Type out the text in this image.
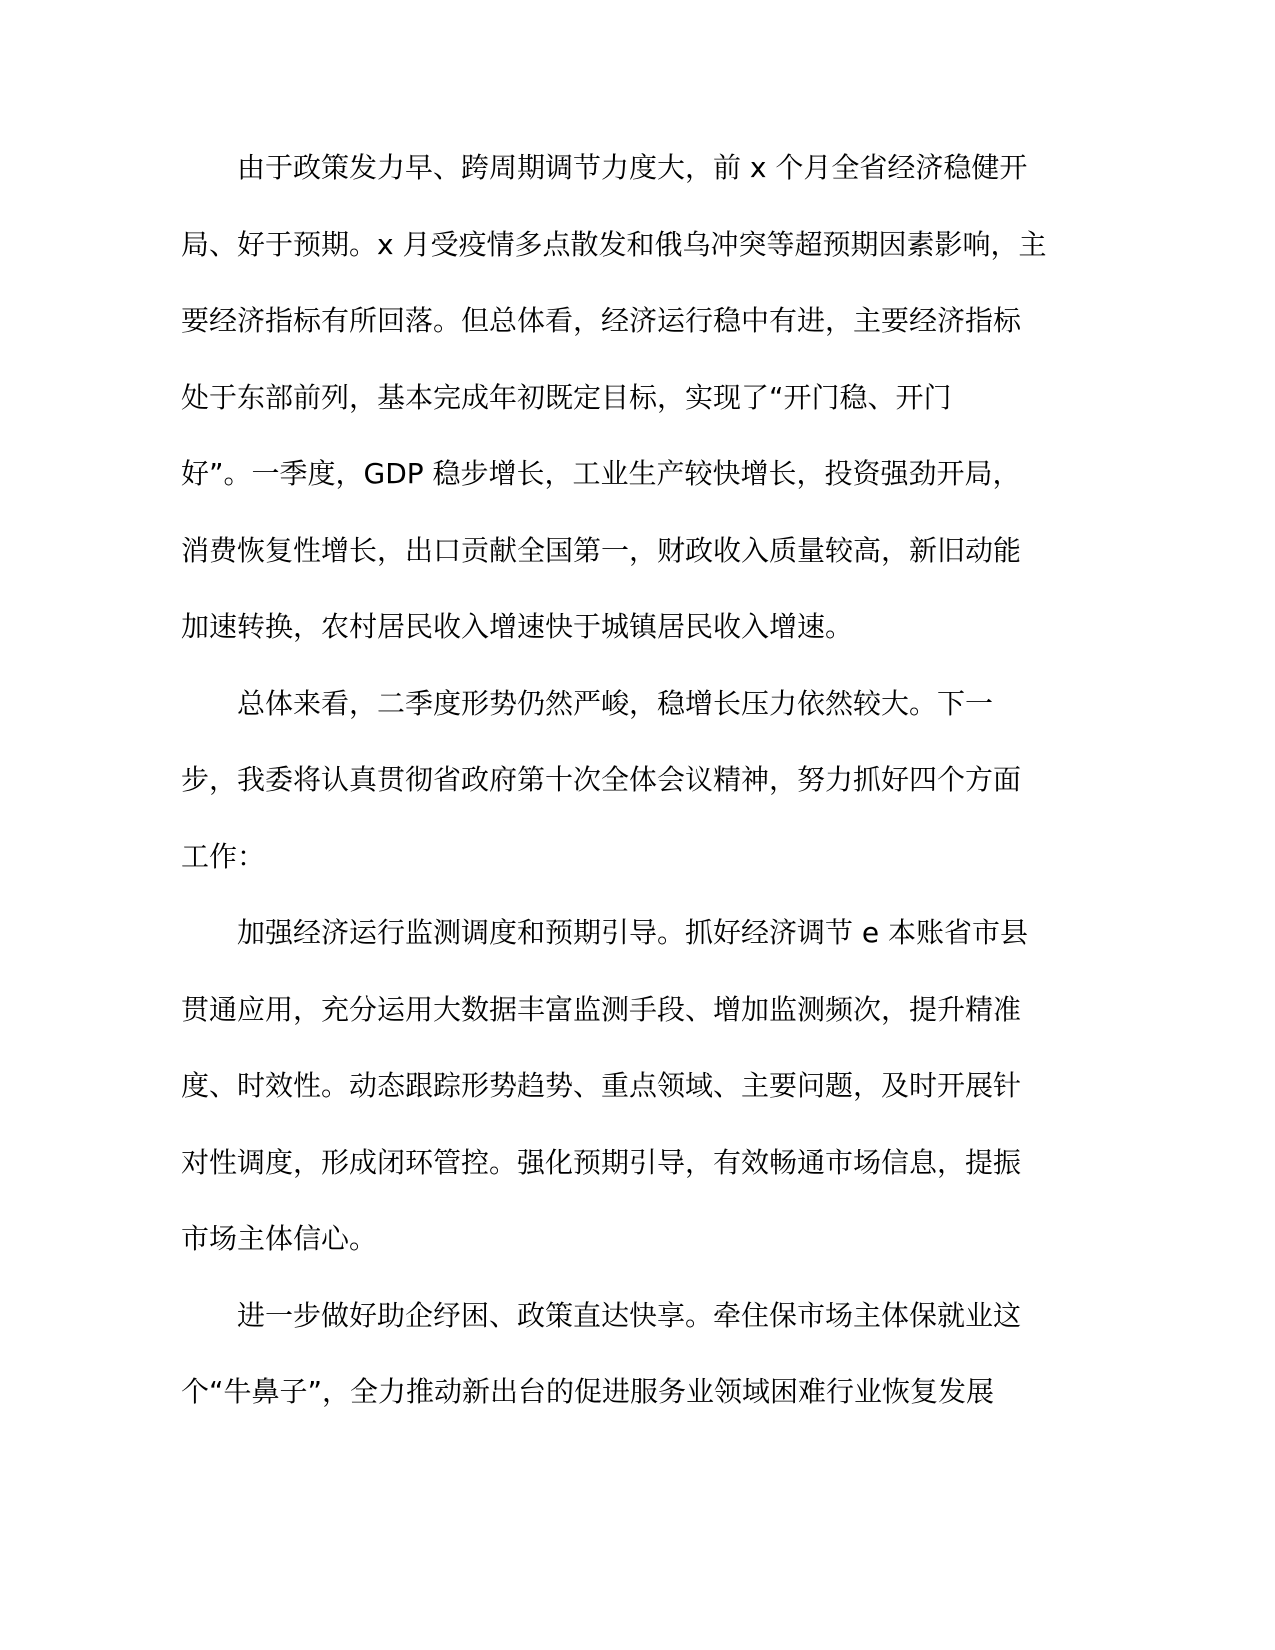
由于政策发力早、跨周期调节力度大，前 x 个月全省经济稳健开
局、好于预期。x 月受疫情多点散发和俄乌冲突等超预期因素影响，主
要经济指标有所回落。但总体看，经济运行稳中有进，主要经济指标
处于东部前列，基本完成年初既定目标，实现了“开门稳、开门
好”。一季度，GDP 稳步增长，工业生产较快增长，投资强劲开局，
消费恢复性增长，出口贡献全国第一，财政收入质量较高，新旧动能
加速转换，农村居民收入增速快于城镇居民收入增速。
总体来看，二季度形势仍然严峻，稳增长压力依然较大。下一
步，我委将认真贯彻省政府第十次全体会议精神，努力抓好四个方面
工作：
加强经济运行监测调度和预期引导。抓好经济调节 e 本账省市县
贯通应用，充分运用大数据丰富监测手段、增加监测频次，提升精准
度、时效性。动态跟踪形势趋势、重点领域、主要问题，及时开展针
对性调度，形成闭环管控。强化预期引导，有效畅通市场信息，提振
市场主体信心。
进一步做好助企纾困、政策直达快享。牵住保市场主体保就业这
个“牛鼻子”，全力推动新出台的促进服务业领域困难行业恢复发展
